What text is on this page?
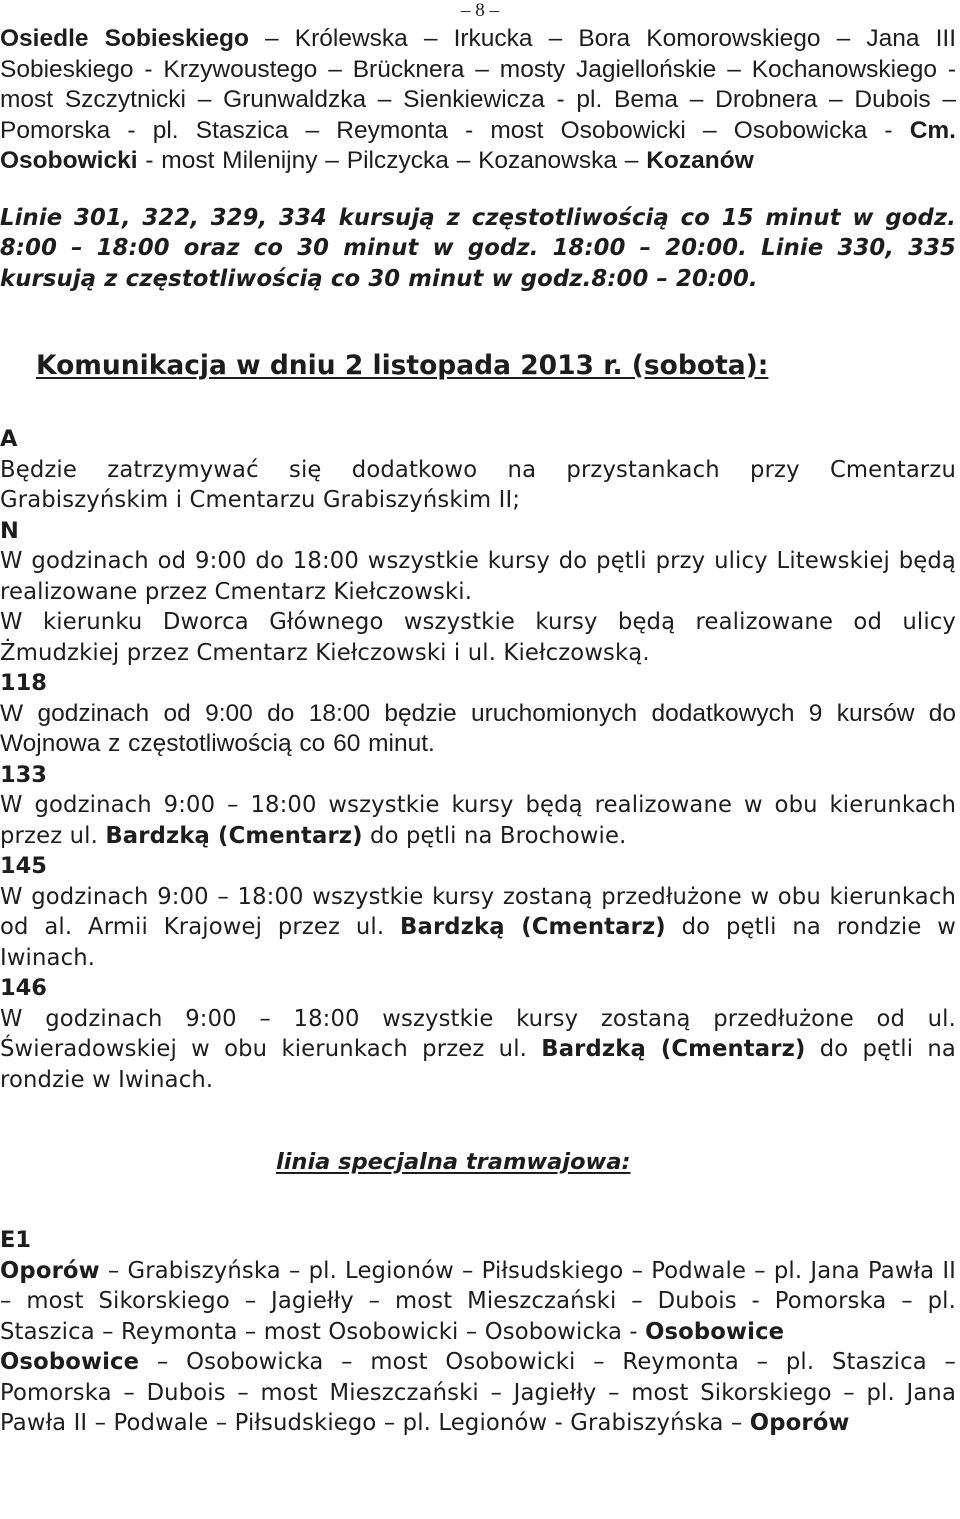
– 8 –

Osiedle Sobieskiego – Królewska – Irkucka – Bora Komorowskiego – Jana III Sobieskiego - Krzywoustego – Brücknera – mosty Jagiellońskie – Kochanowskiego - most Szczytnicki – Grunwaldzka – Sienkiewicza - pl. Bema – Drobnera – Dubois – Pomorska - pl. Staszica – Reymonta - most Osobowicki – Osobowicka - Cm. Osobowicki - most Milenijny – Pilczycka – Kozanowska – Kozanów

Linie 301, 322, 329, 334 kursują z częstotliwością co 15 minut w godz. 8:00 – 18:00 oraz co 30 minut w godz. 18:00 – 20:00. Linie 330, 335 kursują z częstotliwością co 30 minut w godz.8:00 – 20:00.

Komunikacja w dniu 2 listopada 2013 r. (sobota):

A

Będzie zatrzymywać się dodatkowo na przystankach przy Cmentarzu Grabiszyńskim i Cmentarzu Grabiszyńskim II;

N

W godzinach od 9:00 do 18:00 wszystkie kursy do pętli przy ulicy Litewskiej będą realizowane przez Cmentarz Kiełczowski.

W kierunku Dworca Głównego wszystkie kursy będą realizowane od ulicy Żmudzkiej przez Cmentarz Kiełczowski i ul. Kiełczowską.

118

W godzinach od 9:00 do 18:00 będzie uruchomionych dodatkowych 9 kursów do Wojnowa z częstotliwością co 60 minut.

133

W godzinach 9:00 – 18:00 wszystkie kursy będą realizowane w obu kierunkach przez ul. Bardzką (Cmentarz) do pętli na Brochowie.

145

W godzinach 9:00 – 18:00 wszystkie kursy zostaną przedłużone w obu kierunkach od al. Armii Krajowej przez ul. Bardzką (Cmentarz) do pętli na rondzie w Iwinach.

146

W godzinach 9:00 – 18:00 wszystkie kursy zostaną przedłużone od ul. Świeradowskiej w obu kierunkach przez ul. Bardzką (Cmentarz) do pętli na rondzie w Iwinach.

linia specjalna tramwajowa:

E1

Oporów – Grabiszyńska – pl. Legionów – Piłsudskiego – Podwale – pl. Jana Pawła II – most Sikorskiego – Jagiełły – most Mieszczański – Dubois - Pomorska – pl. Staszica – Reymonta – most Osobowicki – Osobowicka - Osobowice

Osobowice – Osobowicka – most Osobowicki – Reymonta – pl. Staszica – Pomorska – Dubois – most Mieszczański – Jagiełły – most Sikorskiego – pl. Jana Pawła II – Podwale – Piłsudskiego – pl. Legionów - Grabiszyńska – Oporów
